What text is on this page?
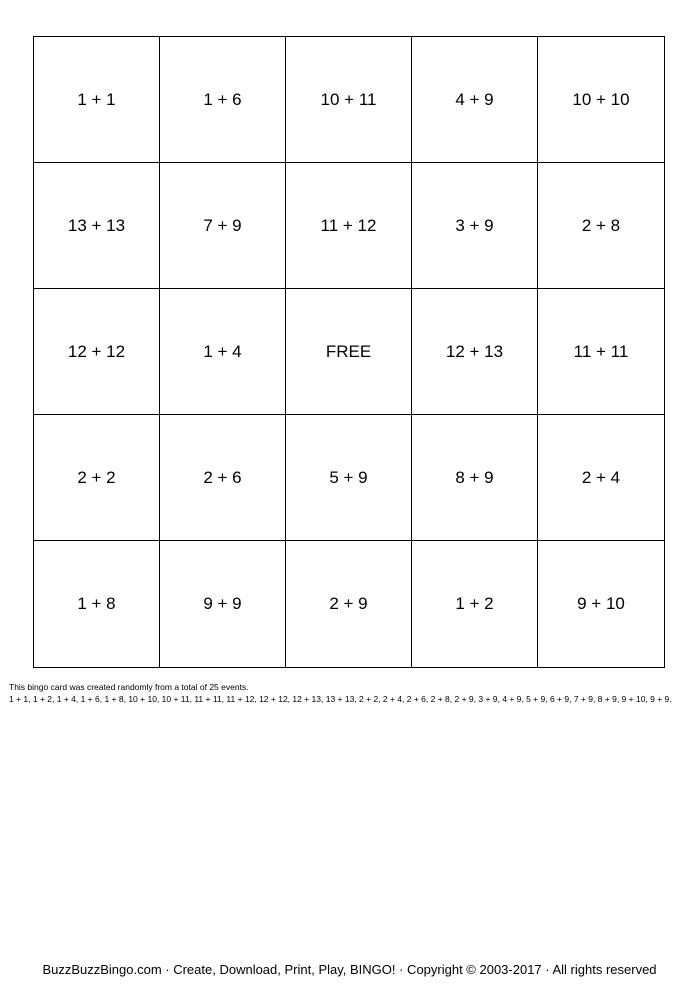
1 + 1	1 + 6	10 + 11	4 + 9	10 + 10
13 + 13	7 + 9	11 + 12	3 + 9	2 + 8
12 + 12	1 + 4	FREE	12 + 13	11 + 11
2 + 2	2 + 6	5 + 9	8 + 9	2 + 4
1 + 8	9 + 9	2 + 9	1 + 2	9 + 10
This bingo card was created randomly from a total of 25 events.
1 + 1, 1 + 2, 1 + 4, 1 + 6, 1 + 8, 10 + 10, 10 + 11, 11 + 11, 11 + 12, 12 + 12, 12 + 13, 13 + 13, 2 + 2, 2 + 4, 2 + 6, 2 + 8, 2 + 9, 3 + 9, 4 + 9, 5 + 9, 6 + 9, 7 + 9, 8 + 9, 9 + 10, 9 + 9.
BuzzBuzzBingo.com · Create, Download, Print, Play, BINGO! · Copyright © 2003-2017 · All rights reserved
